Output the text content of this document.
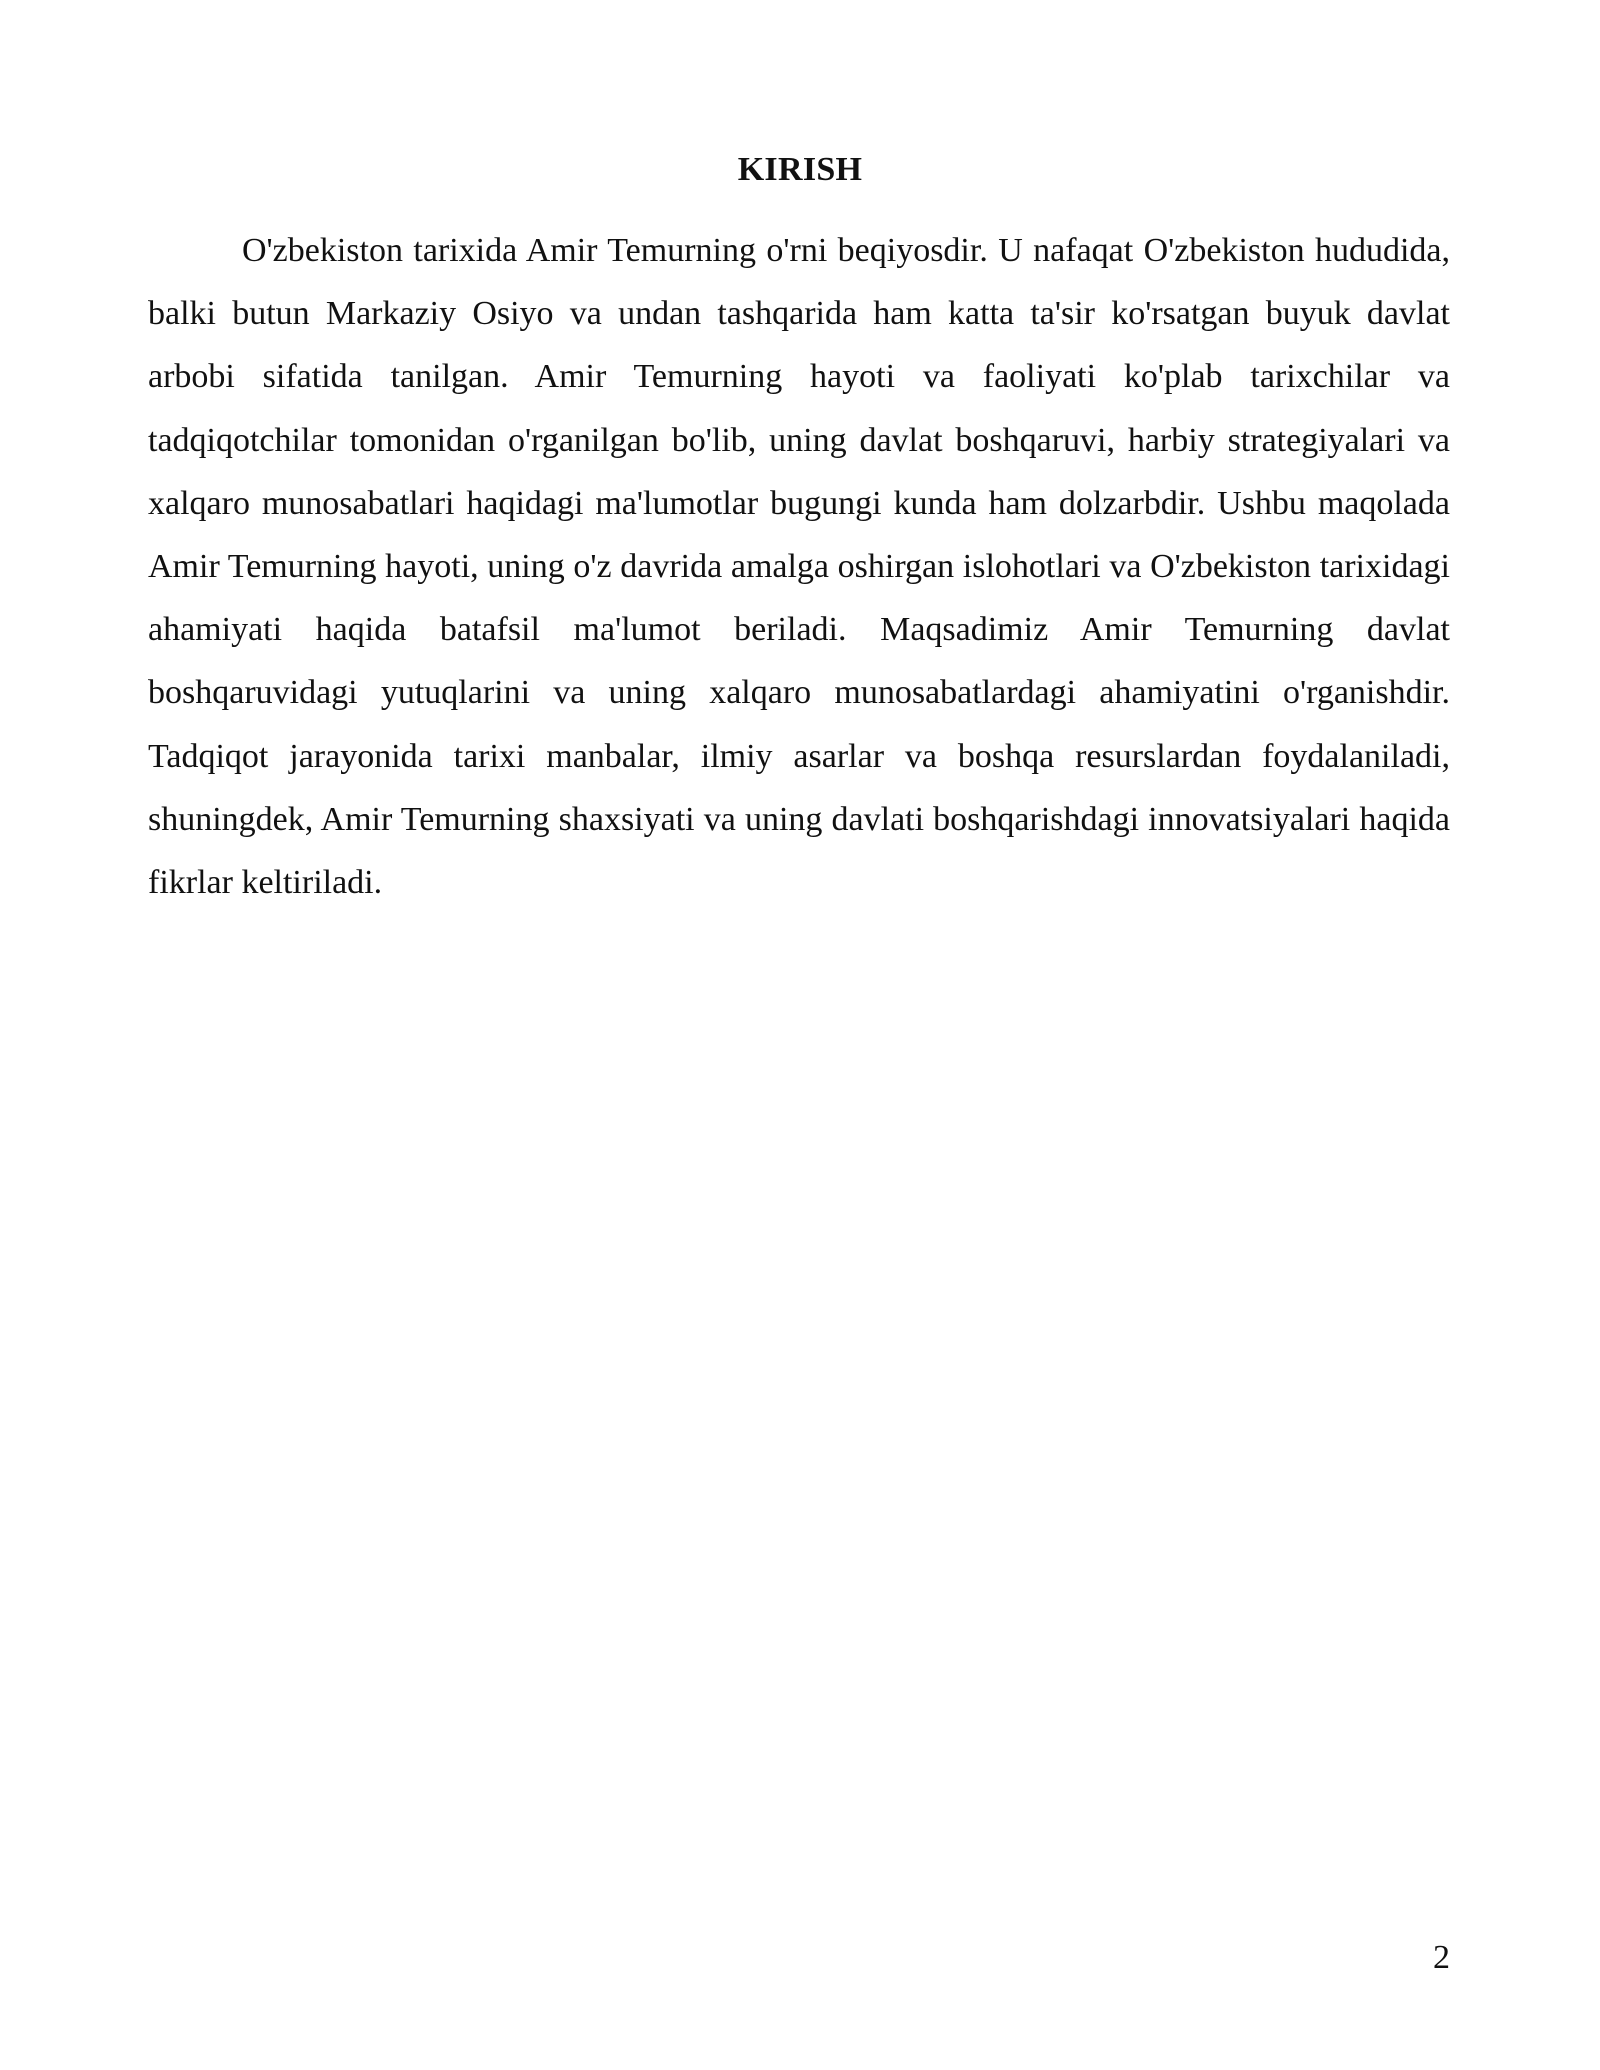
KIRISH

O'zbekiston tarixida Amir Temurning o'rni beqiyosdir. U nafaqat O'zbekiston hududida, balki butun Markaziy Osiyo va undan tashqarida ham katta ta'sir ko'rsatgan buyuk davlat arbobi sifatida tanilgan. Amir Temurning hayoti va faoliyati ko'plab tarixchilar va tadqiqotchilar tomonidan o'rganilgan bo'lib, uning davlat boshqaruvi, harbiy strategiyalari va xalqaro munosabatlari haqidagi ma'lumotlar bugungi kunda ham dolzarbdir. Ushbu maqolada Amir Temurning hayoti, uning o'z davrida amalga oshirgan islohotlari va O'zbekiston tarixidagi ahamiyati haqida batafsil ma'lumot beriladi. Maqsadimiz Amir Temurning davlat boshqaruvidagi yutuqlarini va uning xalqaro munosabatlardagi ahamiyatini o'rganishdir. Tadqiqot jarayonida tarixi manbalar, ilmiy asarlar va boshqa resurslardan foydalaniladi, shuningdek, Amir Temurning shaxsiyati va uning davlati boshqarishdagi innovatsiyalari haqida fikrlar keltiriladi.

2
